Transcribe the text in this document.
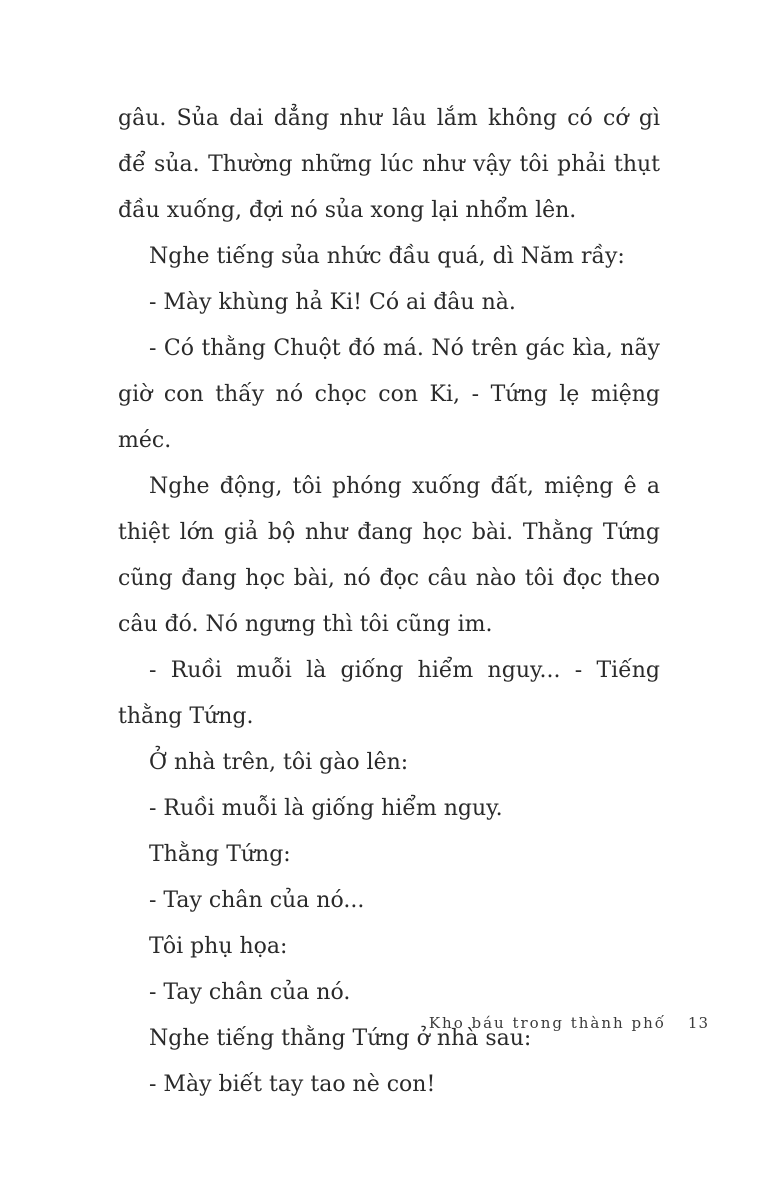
gâu. Sủa dai dẳng như lâu lắm không có cớ gì để sủa. Thường những lúc như vậy tôi phải thụt đầu xuống, đợi nó sủa xong lại nhổm lên.

Nghe tiếng sủa nhức đầu quá, dì Năm rầy:

- Mày khùng hả Ki! Có ai đâu nà.

- Có thằng Chuột đó má. Nó trên gác kìa, nãy giờ con thấy nó chọc con Ki, - Tứng lẹ miệng méc.

Nghe động, tôi phóng xuống đất, miệng ê a thiệt lớn giả bộ như đang học bài. Thằng Tứng cũng đang học bài, nó đọc câu nào tôi đọc theo câu đó. Nó ngưng thì tôi cũng im.

- Ruồi muỗi là giống hiểm nguy... - Tiếng thằng Tứng.

Ở nhà trên, tôi gào lên:

- Ruồi muỗi là giống hiểm nguy.

Thằng Tứng:

- Tay chân của nó...

Tôi phụ họa:

- Tay chân của nó.

Nghe tiếng thằng Tứng ở nhà sau:

- Mày biết tay tao nè con!

Kho báu trong thành phố 13
